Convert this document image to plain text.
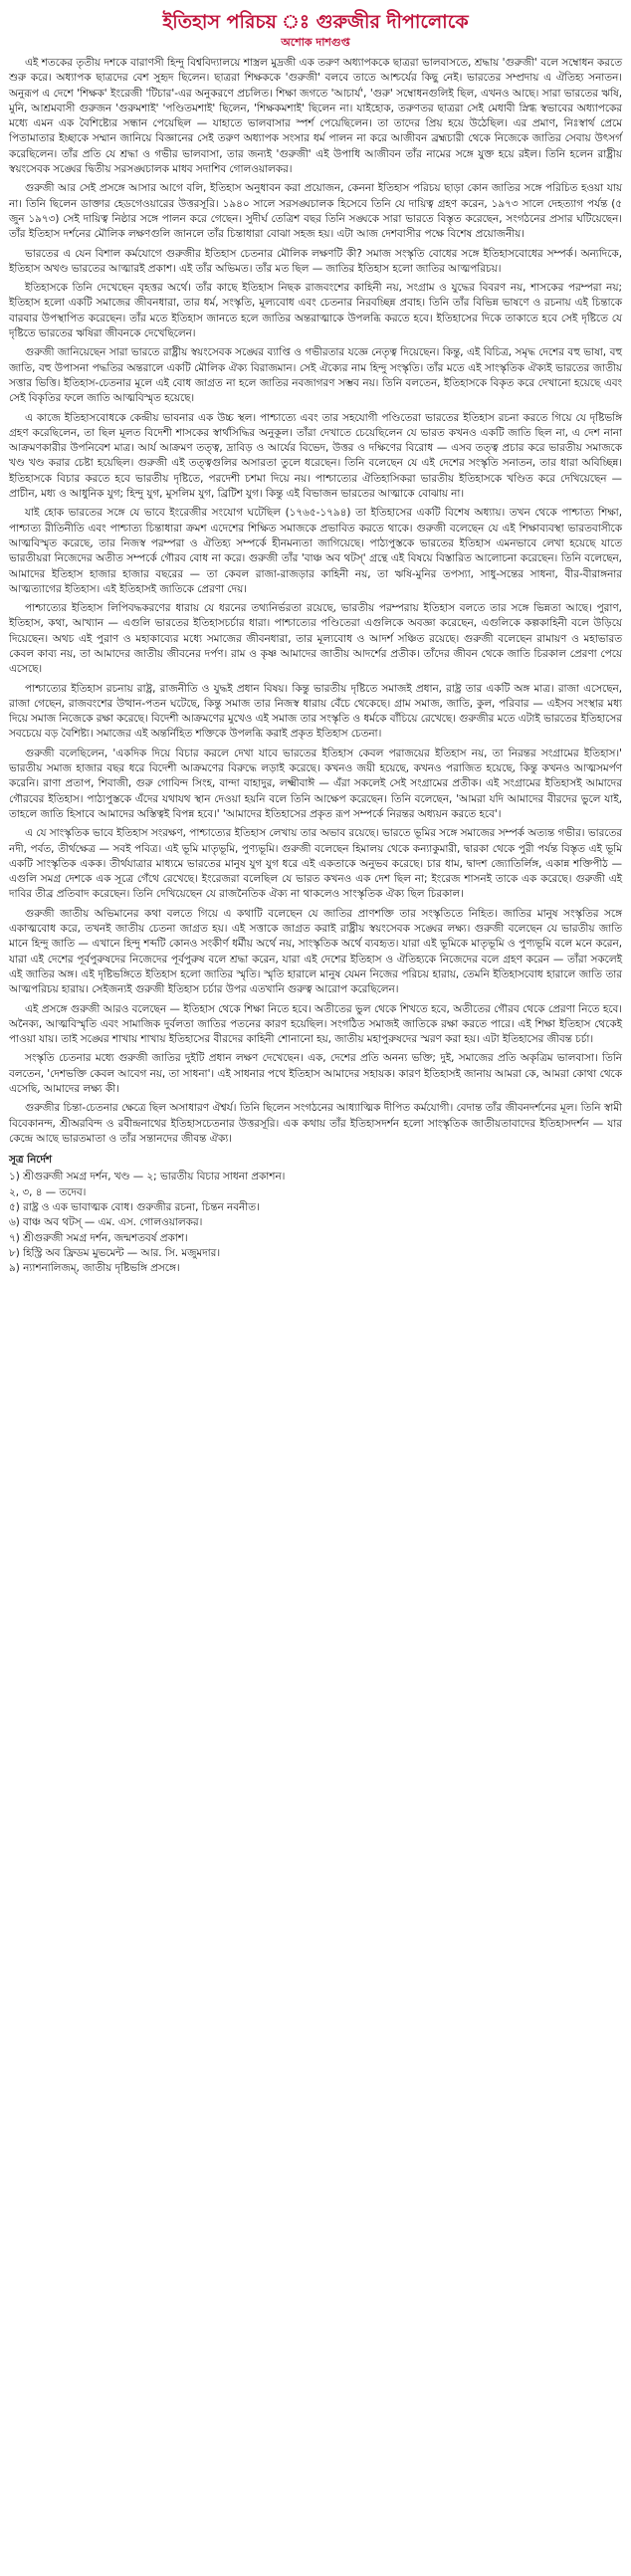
ইতিহাস পরিচয় ঃ গুরুজীর দীপালোকে
অশোক দাশগুপ্ত

এই শতকের তৃতীয় দশকে বারাণসী হিন্দু বিশ্ববিদ্যালয়ে শাস্ত্রল মুদ্রজী এক তরুণ অধ্যাপককে ছাত্ররা ভালবাসতে, শ্রদ্ধায় 'গুরুজী' বলে সম্বোধন করতে শুরু করে। অধ্যাপক ছাত্রদের বেশ সুহৃদ ছিলেন। ছাত্ররা শিক্ষককে 'গুরুজী' বলবে তাতে আশ্চর্যের কিছু নেই। ভারতের সম্প্রদায় এ ঐতিহ্য সনাতন। অনুরূপ এ দেশে 'শিক্ষক' ইংরেজী 'টিচার'-এর অনুকরণে প্রচলিত। শিক্ষা জগতে 'আচার্য', 'গুরু' সম্বোধনগুলিই ছিল, এখনও আছে। সারা ভারতের ঋষি, মুনি, আশ্রমবাসী গুরুজন 'গুরুমশাই' 'পণ্ডিতমশাই' ছিলেন, 'শিক্ষকমশাই' ছিলেন না। যাইহোক, তরুণতর ছাত্ররা সেই মেধাবী স্নিগ্ধ স্বভাবের অধ্যাপকের মধ্যে এমন এক বৈশিষ্ট্যের সন্ধান পেয়েছিল — যাহাতে ভালবাসার স্পর্শ পেয়েছিলেন। তা তাদের প্রিয় হয়ে উঠেছিল। এর প্রমাণ, নিঃস্বার্থ প্রেমে পিতামাতার ইচ্ছাকে সম্মান জানিয়ে বিজ্ঞানের সেই তরুণ অধ্যাপক সংসার ধর্ম পালন না করে আজীবন ব্রহ্মচারী থেকে নিজেকে জাতির সেবায় উৎসর্গ করেছিলেন। তাঁর প্রতি যে শ্রদ্ধা ও গভীর ভালবাসা, তার জন্যই 'গুরুজী' এই উপাধি আজীবন তাঁর নামের সঙ্গে যুক্ত হয়ে রইল। তিনি হলেন রাষ্ট্রীয় স্বয়ংসেবক সঙ্ঘের দ্বিতীয় সরসঙ্ঘচালক মাধব সদাশিব গোলওয়ালকর।

গুরুজী আর সেই প্রসঙ্গে আসার আগে বলি, ইতিহাস অনুধাবন করা প্রয়োজন, কেননা ইতিহাস পরিচয় ছাড়া কোন জাতির সঙ্গে পরিচিত হওয়া যায় না। তিনি ছিলেন ডাক্তার হেডগেওয়ারের উত্তরসূরি। ১৯৪০ সালে সরসঙ্ঘচালক হিসেবে তিনি যে দায়িত্ব গ্রহণ করেন, ১৯৭৩ সালে দেহত্যাগ পর্যন্ত (৫ জুন ১৯৭৩) সেই দায়িত্ব নিষ্ঠার সঙ্গে পালন করে গেছেন। সুদীর্ঘ তেত্রিশ বছর তিনি সঙ্ঘকে সারা ভারতে বিস্তৃত করেছেন, সংগঠনের প্রসার ঘটিয়েছেন। তাঁর ইতিহাস দর্শনের মৌলিক লক্ষণগুলি জানলে তাঁর চিন্তাধারা বোঝা সহজ হয়। এটা আজ দেশবাসীর পক্ষে বিশেষ প্রয়োজনীয়।

ভারতের এ যেন বিশাল কর্মযোগে গুরুজীর ইতিহাস চেতনার মৌলিক লক্ষণটি কী? সমাজ সংস্কৃতি বোধের সঙ্গে ইতিহাসবোধের সম্পর্ক। অন্যদিকে, ইতিহাস অখণ্ড ভারতের আত্মারই প্রকাশ। এই তাঁর অভিমত। তাঁর মত ছিল — জাতির ইতিহাস হলো জাতির আত্মপরিচয়।

ইতিহাসকে তিনি দেখেছেন বৃহত্তর অর্থে। তাঁর কাছে ইতিহাস নিছক রাজবংশের কাহিনী নয়, সংগ্রাম ও যুদ্ধের বিবরণ নয়, শাসকের পরম্পরা নয়; ইতিহাস হলো একটি সমাজের জীবনধারা, তার ধর্ম, সংস্কৃতি, মূল্যবোধ এবং চেতনার নিরবচ্ছিন্ন প্রবাহ। তিনি তাঁর বিভিন্ন ভাষণে ও রচনায় এই চিন্তাকে বারবার উপস্থাপিত করেছেন। তাঁর মতে ইতিহাস জানতে হলে জাতির অন্তরাত্মাকে উপলব্ধি করতে হবে। ইতিহাসের দিকে তাকাতে হবে সেই দৃষ্টিতে যে দৃষ্টিতে ভারতের ঋষিরা জীবনকে দেখেছিলেন।

গুরুজী জানিয়েছেন সারা ভারতে রাষ্ট্রীয় স্বয়ংসেবক সঙ্ঘের ব্যাপ্তি ও গভীরতার যজ্ঞে নেতৃত্ব দিয়েছেন। কিন্তু, এই বিচিত্র, সমৃদ্ধ দেশের বহু ভাষা, বহু জাতি, বহু উপাসনা পদ্ধতির অন্তরালে একটি মৌলিক ঐক্য বিরাজমান। সেই ঐক্যের নাম হিন্দু সংস্কৃতি। তাঁর মতে এই সাংস্কৃতিক ঐক্যই ভারতের জাতীয় সত্তার ভিত্তি। ইতিহাস-চেতনার মূলে এই বোধ জাগ্রত না হলে জাতির নবজাগরণ সম্ভব নয়। তিনি বলতেন, ইতিহাসকে বিকৃত করে দেখানো হয়েছে এবং সেই বিকৃতির ফলে জাতি আত্মবিস্মৃত হয়েছে।

এ কাজে ইতিহাসবোধকে কেন্দ্রীয় ভাবনার এক উচ্চ স্থল। পাশ্চাত্যে এবং তার সহযোগী পণ্ডিতেরা ভারতের ইতিহাস রচনা করতে গিয়ে যে দৃষ্টিভঙ্গি গ্রহণ করেছিলেন, তা ছিল মূলত বিদেশী শাসকের স্বার্থসিদ্ধির অনুকূল। তাঁরা দেখাতে চেয়েছিলেন যে ভারত কখনও একটি জাতি ছিল না, এ দেশ নানা আক্রমণকারীর উপনিবেশ মাত্র। আর্য আক্রমণ তত্ত্ব, দ্রাবিড় ও আর্যের বিভেদ, উত্তর ও দক্ষিণের বিরোধ — এসব তত্ত্ব প্রচার করে ভারতীয় সমাজকে খণ্ড খণ্ড করার চেষ্টা হয়েছিল। গুরুজী এই তত্ত্বগুলির অসারতা তুলে ধরেছেন। তিনি বলেছেন যে এই দেশের সংস্কৃতি সনাতন, তার ধারা অবিচ্ছিন্ন। ইতিহাসকে বিচার করতে হবে ভারতীয় দৃষ্টিতে, পরদেশী চশমা দিয়ে নয়। পাশ্চাত্যের ঐতিহাসিকরা ভারতীয় ইতিহাসকে খণ্ডিত করে দেখিয়েছেন — প্রাচীন, মধ্য ও আধুনিক যুগ; হিন্দু যুগ, মুসলিম যুগ, ব্রিটিশ যুগ। কিন্তু এই বিভাজন ভারতের আত্মাকে বোঝায় না।

যাই হোক ভারতের সঙ্গে যে ভাবে ইংরেজীর সংযোগ ঘটেছিল (১৭৬৫-১৭৯৪) তা ইতিহাসের একটি বিশেষ অধ্যায়। তখন থেকে পাশ্চাত্য শিক্ষা, পাশ্চাত্য রীতিনীতি এবং পাশ্চাত্য চিন্তাধারা ক্রমশ এদেশের শিক্ষিত সমাজকে প্রভাবিত করতে থাকে। গুরুজী বলেছেন যে এই শিক্ষাব্যবস্থা ভারতবাসীকে আত্মবিস্মৃত করেছে, তার নিজস্ব পরম্পরা ও ঐতিহ্য সম্পর্কে হীনমন্যতা জাগিয়েছে। পাঠ্যপুস্তকে ভারতের ইতিহাস এমনভাবে লেখা হয়েছে যাতে ভারতীয়রা নিজেদের অতীত সম্পর্কে গৌরব বোধ না করে। গুরুজী তাঁর 'বাঞ্চ অব থটস্' গ্রন্থে এই বিষয়ে বিস্তারিত আলোচনা করেছেন। তিনি বলেছেন, আমাদের ইতিহাস হাজার হাজার বছরের — তা কেবল রাজা-রাজড়ার কাহিনী নয়, তা ঋষি-মুনির তপস্যা, সাধু-সন্তের সাধনা, বীর-বীরাঙ্গনার আত্মত্যাগের ইতিহাস। এই ইতিহাসই জাতিকে প্রেরণা দেয়।

পাশ্চাত্যের ইতিহাস লিপিবদ্ধকরণের ধারায় যে ধরনের তথ্যনির্ভরতা রয়েছে, ভারতীয় পরম্পরায় ইতিহাস বলতে তার সঙ্গে ভিন্নতা আছে। পুরাণ, ইতিহাস, কথা, আখ্যান — এগুলি ভারতের ইতিহাসচর্চার ধারা। পাশ্চাত্যের পণ্ডিতেরা এগুলিকে অবজ্ঞা করেছেন, এগুলিকে কল্পকাহিনী বলে উড়িয়ে দিয়েছেন। অথচ এই পুরাণ ও মহাকাব্যের মধ্যে সমাজের জীবনধারা, তার মূল্যবোধ ও আদর্শ সঞ্চিত রয়েছে। গুরুজী বলেছেন রামায়ণ ও মহাভারত কেবল কাব্য নয়, তা আমাদের জাতীয় জীবনের দর্পণ। রাম ও কৃষ্ণ আমাদের জাতীয় আদর্শের প্রতীক। তাঁদের জীবন থেকে জাতি চিরকাল প্রেরণা পেয়ে এসেছে।

পাশ্চাত্যের ইতিহাস রচনায় রাষ্ট্র, রাজনীতি ও যুদ্ধই প্রধান বিষয়। কিন্তু ভারতীয় দৃষ্টিতে সমাজই প্রধান, রাষ্ট্র তার একটি অঙ্গ মাত্র। রাজা এসেছেন, রাজা গেছেন, রাজবংশের উত্থান-পতন ঘটেছে, কিন্তু সমাজ তার নিজস্ব ধারায় বেঁচে থেকেছে। গ্রাম সমাজ, জাতি, কুল, পরিবার — এইসব সংস্থার মধ্য দিয়ে সমাজ নিজেকে রক্ষা করেছে। বিদেশী আক্রমণের মুখেও এই সমাজ তার সংস্কৃতি ও ধর্মকে বাঁচিয়ে রেখেছে। গুরুজীর মতে এটাই ভারতের ইতিহাসের সবচেয়ে বড় বৈশিষ্ট্য। সমাজের এই অন্তর্নিহিত শক্তিকে উপলব্ধি করাই প্রকৃত ইতিহাস চেতনা।

গুরুজী বলেছিলেন, 'একদিক দিয়ে বিচার করলে দেখা যাবে ভারতের ইতিহাস কেবল পরাজয়ের ইতিহাস নয়, তা নিরন্তর সংগ্রামের ইতিহাস।' ভারতীয় সমাজ হাজার বছর ধরে বিদেশী আক্রমণের বিরুদ্ধে লড়াই করেছে। কখনও জয়ী হয়েছে, কখনও পরাজিত হয়েছে, কিন্তু কখনও আত্মসমর্পণ করেনি। রাণা প্রতাপ, শিবাজী, গুরু গোবিন্দ সিংহ, বান্দা বাহাদুর, লক্ষ্মীবাঈ — এঁরা সকলেই সেই সংগ্রামের প্রতীক। এই সংগ্রামের ইতিহাসই আমাদের গৌরবের ইতিহাস। পাঠ্যপুস্তকে এঁদের যথাযথ স্থান দেওয়া হয়নি বলে তিনি আক্ষেপ করেছেন। তিনি বলেছেন, 'আমরা যদি আমাদের বীরদের ভুলে যাই, তাহলে জাতি হিসাবে আমাদের অস্তিত্বই বিপন্ন হবে।' 'আমাদের ইতিহাসের প্রকৃত রূপ সম্পর্কে নিরন্তর অধ্যয়ন করতে হবে'।

এ যে সাংস্কৃতিক ভাবে ইতিহাস সংরক্ষণ, পাশ্চাত্যের ইতিহাস লেখায় তার অভাব রয়েছে। ভারতে ভূমির সঙ্গে সমাজের সম্পর্ক অত্যন্ত গভীর। ভারতের নদী, পর্বত, তীর্থক্ষেত্র — সবই পবিত্র। এই ভূমি মাতৃভূমি, পুণ্যভূমি। গুরুজী বলেছেন হিমালয় থেকে কন্যাকুমারী, দ্বারকা থেকে পুরী পর্যন্ত বিস্তৃত এই ভূমি একটি সাংস্কৃতিক একক। তীর্থযাত্রার মাধ্যমে ভারতের মানুষ যুগ যুগ ধরে এই একতাকে অনুভব করেছে। চার ধাম, দ্বাদশ জ্যোতির্লিঙ্গ, একান্ন শক্তিপীঠ — এগুলি সমগ্র দেশকে এক সূত্রে গেঁথে রেখেছে। ইংরেজরা বলেছিল যে ভারত কখনও এক দেশ ছিল না; ইংরেজ শাসনই তাকে এক করেছে। গুরুজী এই দাবির তীব্র প্রতিবাদ করেছেন। তিনি দেখিয়েছেন যে রাজনৈতিক ঐক্য না থাকলেও সাংস্কৃতিক ঐক্য ছিল চিরকাল।

গুরুজী জাতীয় অভিমানের কথা বলতে গিয়ে এ কথাটি বলেছেন যে জাতির প্রাণশক্তি তার সংস্কৃতিতে নিহিত। জাতির মানুষ সংস্কৃতির সঙ্গে একাত্মবোধ করে, তখনই জাতীয় চেতনা জাগ্রত হয়। এই সত্তাকে জাগ্রত করাই রাষ্ট্রীয় স্বয়ংসেবক সঙ্ঘের লক্ষ্য। গুরুজী বলেছেন যে ভারতীয় জাতি মানে হিন্দু জাতি — এখানে হিন্দু শব্দটি কোনও সংকীর্ণ ধর্মীয় অর্থে নয়, সাংস্কৃতিক অর্থে ব্যবহৃত। যারা এই ভূমিকে মাতৃভূমি ও পুণ্যভূমি বলে মনে করেন, যারা এই দেশের পূর্বপুরুষদের নিজেদের পূর্বপুরুষ বলে শ্রদ্ধা করেন, যারা এই দেশের ইতিহাস ও ঐতিহ্যকে নিজেদের বলে গ্রহণ করেন — তাঁরা সকলেই এই জাতির অঙ্গ। এই দৃষ্টিভঙ্গিতে ইতিহাস হলো জাতির স্মৃতি। স্মৃতি হারালে মানুষ যেমন নিজের পরিচয় হারায়, তেমনি ইতিহাসবোধ হারালে জাতি তার আত্মপরিচয় হারায়। সেইজন্যই গুরুজী ইতিহাস চর্চার উপর এতখানি গুরুত্ব আরোপ করেছিলেন।

এই প্রসঙ্গে গুরুজী আরও বলেছেন — ইতিহাস থেকে শিক্ষা নিতে হবে। অতীতের ভুল থেকে শিখতে হবে, অতীতের গৌরব থেকে প্রেরণা নিতে হবে। অনৈক্য, আত্মবিস্মৃতি এবং সামাজিক দুর্বলতা জাতির পতনের কারণ হয়েছিল। সংগঠিত সমাজই জাতিকে রক্ষা করতে পারে। এই শিক্ষা ইতিহাস থেকেই পাওয়া যায়। তাই সঙ্ঘের শাখায় শাখায় ইতিহাসের বীরদের কাহিনী শোনানো হয়, জাতীয় মহাপুরুষদের স্মরণ করা হয়। এটা ইতিহাসের জীবন্ত চর্চা।

সংস্কৃতি চেতনার মধ্যে গুরুজী জাতির দুইটি প্রধান লক্ষণ দেখেছেন। এক, দেশের প্রতি অনন্য ভক্তি; দুই, সমাজের প্রতি অকৃত্রিম ভালবাসা। তিনি বলতেন, 'দেশভক্তি কেবল আবেগ নয়, তা সাধনা'। এই সাধনার পথে ইতিহাস আমাদের সহায়ক। কারণ ইতিহাসই জানায় আমরা কে, আমরা কোথা থেকে এসেছি, আমাদের লক্ষ্য কী।

গুরুজীর চিন্তা-চেতনার ক্ষেত্রে ছিল অসাধারণ ঐশ্বর্য। তিনি ছিলেন সংগঠনের আধ্যাত্মিক দীপিত কর্মযোগী। বেদান্ত তাঁর জীবনদর্শনের মূল। তিনি স্বামী বিবেকানন্দ, শ্রীঅরবিন্দ ও রবীন্দ্রনাথের ইতিহাসচেতনার উত্তরসূরি। এক কথায় তাঁর ইতিহাসদর্শন হলো সাংস্কৃতিক জাতীয়তাবাদের ইতিহাসদর্শন — যার কেন্দ্রে আছে ভারতমাতা ও তাঁর সন্তানদের জীবন্ত ঐক্য।

সূত্র নির্দেশ
১) শ্রীগুরুজী সমগ্র দর্শন, খণ্ড — ২; ভারতীয় বিচার সাধনা প্রকাশন।
২, ৩, ৪ — তদেব।
৫) রাষ্ট্র ও এক ভাবাত্মক বোধ। গুরুজীর রচনা, চিন্তন নবনীত।
৬) বাঞ্চ অব থটস্ — এম. এস. গোলওয়ালকর।
৭) শ্রীগুরুজী সমগ্র দর্শন, জন্মশতবর্ষ প্রকাশ।
৮) হিস্ট্রি অব ফ্রিডম মুভমেন্ট — আর. সি. মজুমদার।
৯) ন্যাশনালিজম্, জাতীয় দৃষ্টিভঙ্গি প্রসঙ্গে।
